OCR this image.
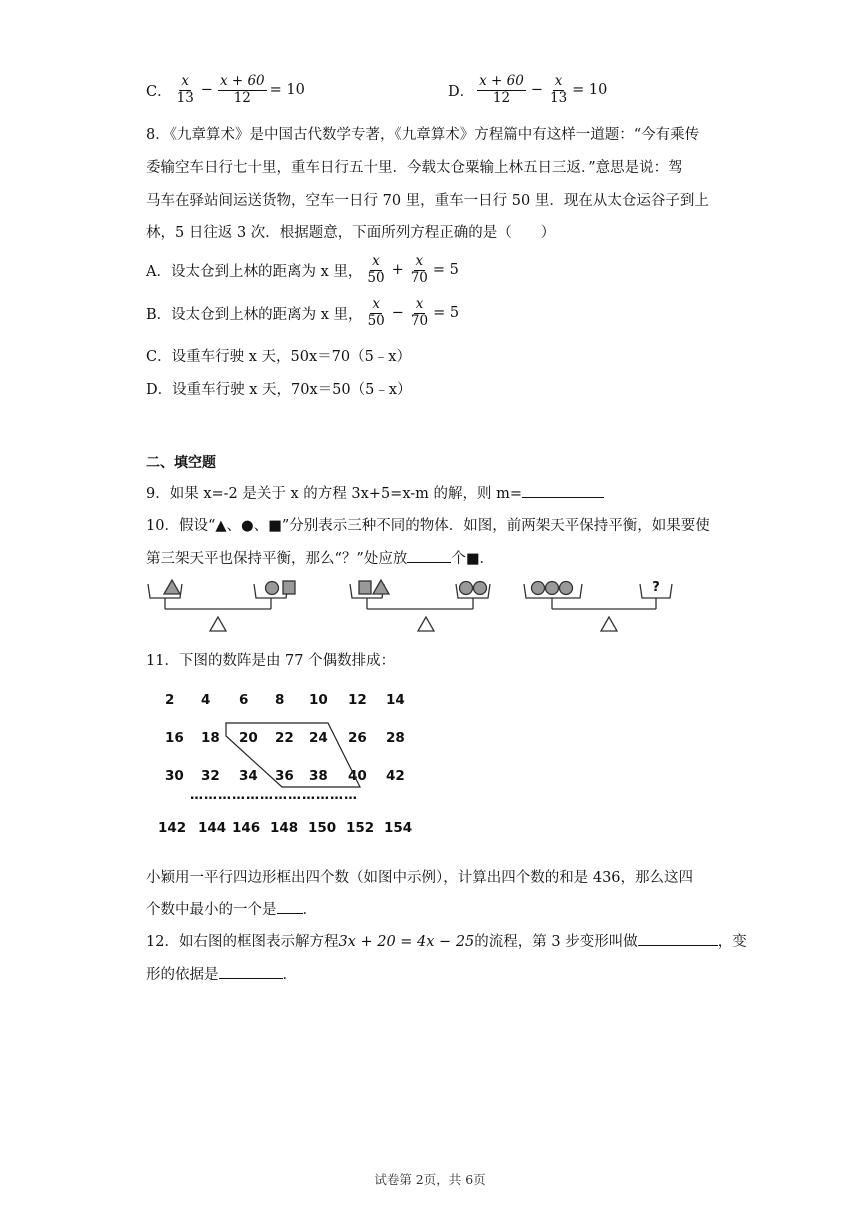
C． $\frac{x}{13} - \frac{x + 60}{12} = 10$	D． $\frac{x + 60}{12} - \frac{x}{13} = 10$
8．《九章算术》是中国古代数学专著，《九章算术》方程篇中有这样一道题：“今有乘传
委输空车日行七十里，重车日行五十里．今载太仓粟输上林五日三返．”意思是说：驾
马车在驿站间运送货物，空车一日行 70 里，重车一日行 50 里．现在从太仓运谷子到上
林，5 日往返 3 次．根据题意，下面所列方程正确的是（　　）
A．设太仓到上林的距离为 x 里， $\frac{x}{50} + \frac{x}{70} = 5$
B．设太仓到上林的距离为 x 里， $\frac{x}{50} - \frac{x}{70} = 5$
C．设重车行驶 x 天，50x＝70（5﹣x）
D．设重车行驶 x 天，70x＝50（5﹣x）
二、填空题
9．如果 x=-2 是关于 x 的方程 3x+5=x-m 的解，则 m=
10．假设“▲、●、■”分别表示三种不同的物体．如图，前两架天平保持平衡，如果要使
第三架天平也保持平衡，那么“？”处应放	个■．
?
11．下图的数阵是由 77 个偶数排成：
2 4 6 8 10 12 14
16 18 20 22 24 26 28
30 32 34 36 38 40 42
142 144 146 148 150 152 154
………………………………
小颖用一平行四边形框出四个数（如图中示例），计算出四个数的和是 436，那么这四
个数中最小的一个是 ．
12．如右图的框图表示解方程3x + 20 = 4x − 25的流程，第 3 步变形叫做	，变
形的依据是	．
试卷第 2页，共 6页
